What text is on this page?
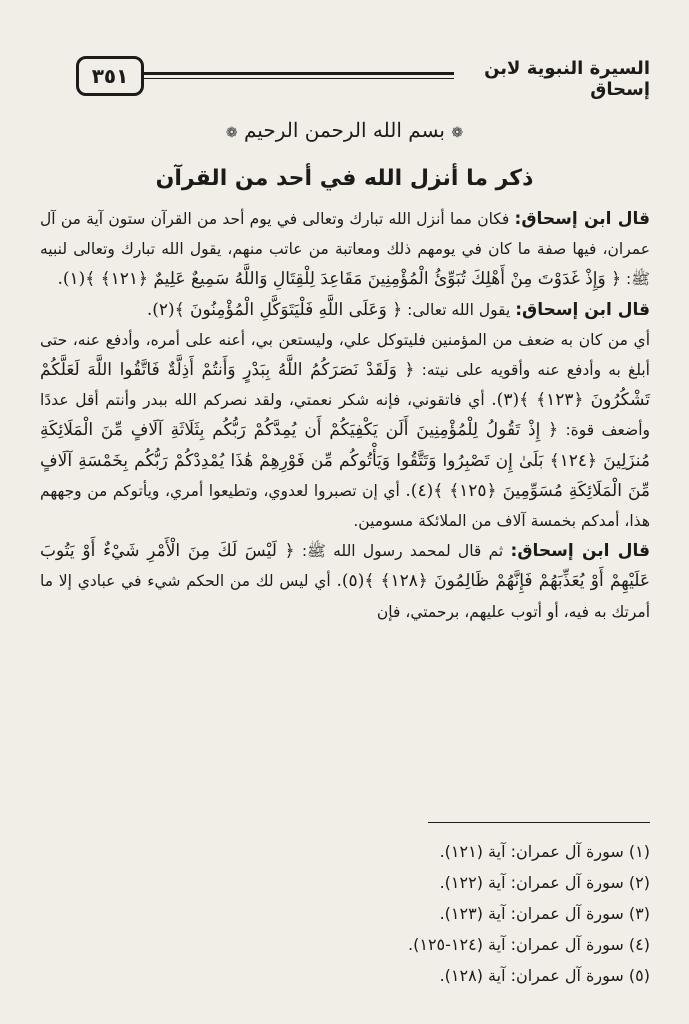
٣٥١	السيرة النبوية لابن إسحاق
❁ بسم الله الرحمن الرحيم ❁
ذكر ما أنزل الله في أحد من القرآن

قال ابن إسحاق: فكان مما أنزل الله تبارك وتعالى في يوم أحد من القرآن ستون آية من آل عمران، فيها صفة ما كان في يومهم ذلك ومعاتبة من عاتب منهم، يقول الله تبارك وتعالى لنبيه ﷺ: ﴿ وَإِذْ غَدَوْتَ مِنْ أَهْلِكَ تُبَوِّئُ الْمُؤْمِنِينَ مَقَاعِدَ لِلْقِتَالِ وَاللَّهُ سَمِيعٌ عَلِيمٌ ﴿١٢١﴾ ﴾(١).

قال ابن إسحاق: يقول الله تعالى: ﴿ وَعَلَى اللَّهِ فَلْيَتَوَكَّلِ الْمُؤْمِنُونَ ﴾(٢).
أي من كان به ضعف من المؤمنين فليتوكل علي، وليستعن بي، أعنه على أمره، وأدفع عنه، حتى أبلغ به وأدفع عنه وأقويه على نيته: ﴿ وَلَقَدْ نَصَرَكُمُ اللَّهُ بِبَدْرٍ وَأَنتُمْ أَذِلَّةٌ فَاتَّقُوا اللَّهَ لَعَلَّكُمْ تَشْكُرُونَ ﴿١٢٣﴾ ﴾(٣). أي فاتقوني، فإنه شكر نعمتي، ولقد نصركم الله ببدر وأنتم أقل عددًا وأضعف قوة: ﴿ إِذْ تَقُولُ لِلْمُؤْمِنِينَ أَلَن يَكْفِيَكُمْ أَن يُمِدَّكُمْ رَبُّكُم بِثَلَاثَةِ آلَافٍ مِّنَ الْمَلَائِكَةِ مُنزَلِينَ ﴿١٢٤﴾ بَلَىٰ إِن تَصْبِرُوا وَتَتَّقُوا وَيَأْتُوكُم مِّن فَوْرِهِمْ هَٰذَا يُمْدِدْكُمْ رَبُّكُم بِخَمْسَةِ آلَافٍ مِّنَ الْمَلَائِكَةِ مُسَوِّمِينَ ﴿١٢٥﴾ ﴾(٤). أي إن تصبروا لعدوي، وتطيعوا أمري، ويأتوكم من وجههم هذا، أمدكم بخمسة آلاف من الملائكة مسومين.

قال ابن إسحاق: ثم قال لمحمد رسول الله ﷺ: ﴿ لَيْسَ لَكَ مِنَ الْأَمْرِ شَيْءٌ أَوْ يَتُوبَ عَلَيْهِمْ أَوْ يُعَذِّبَهُمْ فَإِنَّهُمْ ظَالِمُونَ ﴿١٢٨﴾ ﴾(٥). أي ليس لك من الحكم شيء في عبادي إلا ما أمرتك به فيه، أو أتوب عليهم، برحمتي، فإن

(١) سورة آل عمران: آية (١٢١).
(٢) سورة آل عمران: آية (١٢٢).
(٣) سورة آل عمران: آية (١٢٣).
(٤) سورة آل عمران: آية (١٢٤-١٢٥).
(٥) سورة آل عمران: آية (١٢٨).
